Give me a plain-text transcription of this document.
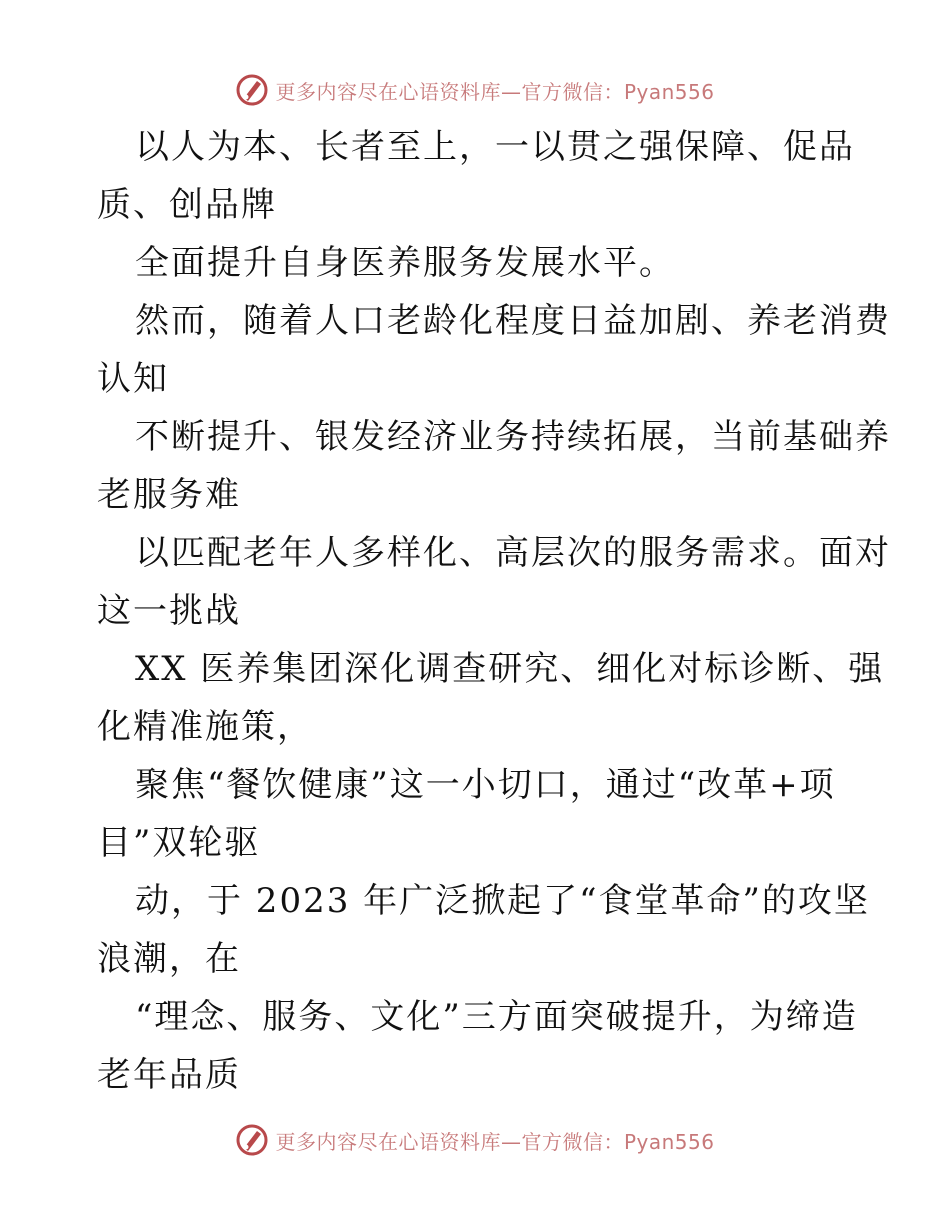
更多内容尽在心语资料库—官方微信：Pyan556
以人为本、长者至上，一以贯之强保障、促品
质、创品牌
全面提升自身医养服务发展水平。
然而，随着人口老龄化程度日益加剧、养老消费
认知
不断提升、银发经济业务持续拓展，当前基础养
老服务难
以匹配老年人多样化、高层次的服务需求。面对
这一挑战
XX 医养集团深化调查研究、细化对标诊断、强
化精准施策，
聚焦“餐饮健康”这一小切口，通过“改革+项
目”双轮驱
动，于 2023 年广泛掀起了“食堂革命”的攻坚
浪潮，在
“理念、服务、文化”三方面突破提升，为缔造
老年品质
更多内容尽在心语资料库—官方微信：Pyan556
